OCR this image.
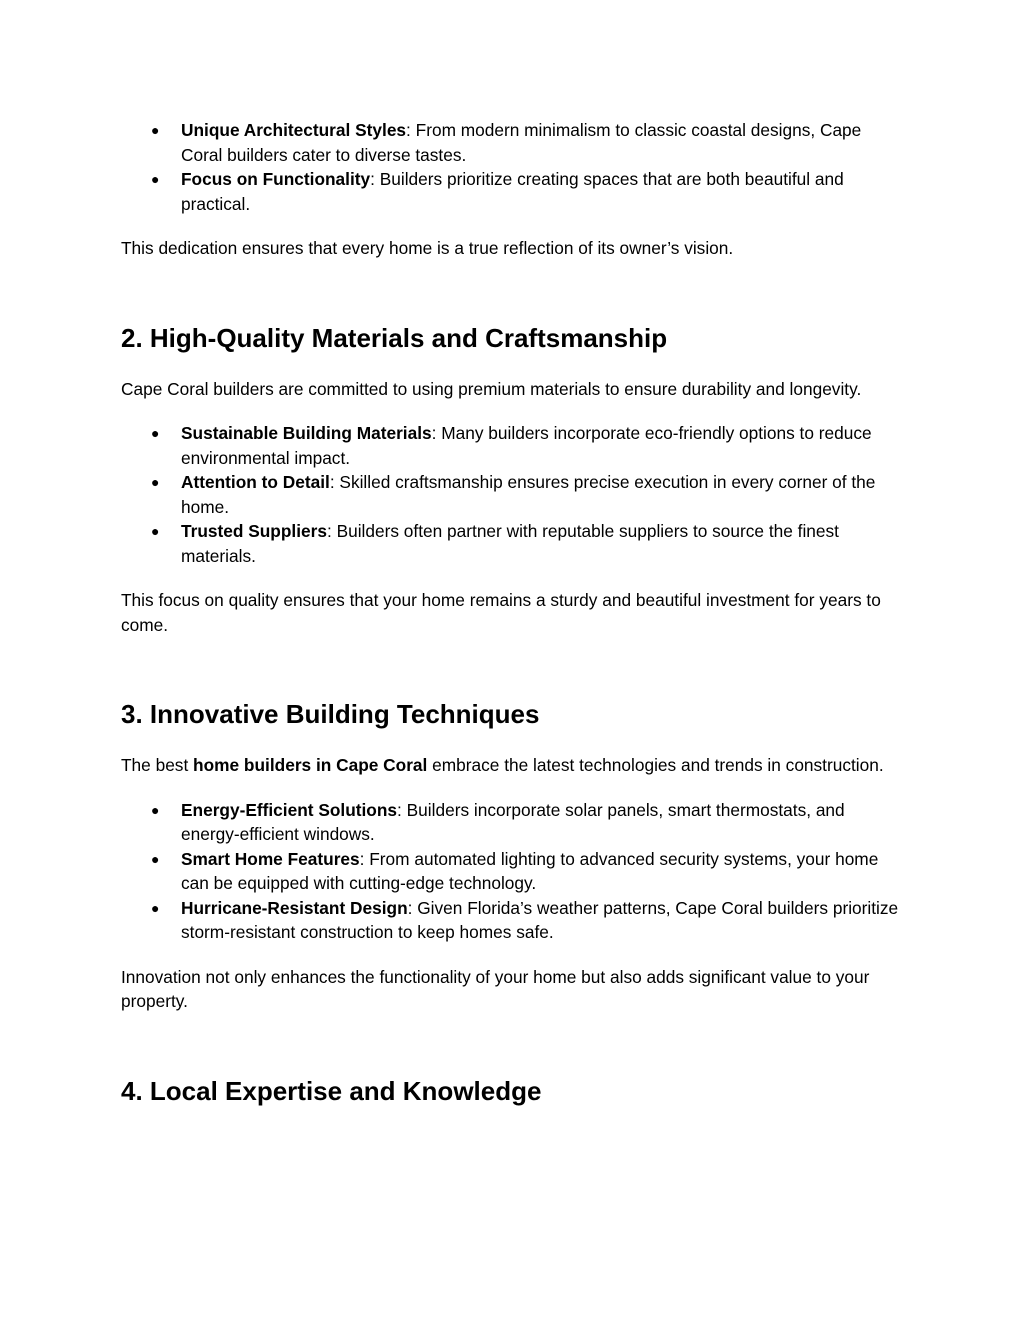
● Unique Architectural Styles: From modern minimalism to classic coastal designs, Cape Coral builders cater to diverse tastes.
● Focus on Functionality: Builders prioritize creating spaces that are both beautiful and practical.

This dedication ensures that every home is a true reflection of its owner’s vision.

2. High-Quality Materials and Craftsmanship

Cape Coral builders are committed to using premium materials to ensure durability and longevity.

● Sustainable Building Materials: Many builders incorporate eco-friendly options to reduce environmental impact.
● Attention to Detail: Skilled craftsmanship ensures precise execution in every corner of the home.
● Trusted Suppliers: Builders often partner with reputable suppliers to source the finest materials.

This focus on quality ensures that your home remains a sturdy and beautiful investment for years to come.

3. Innovative Building Techniques

The best home builders in Cape Coral embrace the latest technologies and trends in construction.

● Energy-Efficient Solutions: Builders incorporate solar panels, smart thermostats, and energy-efficient windows.
● Smart Home Features: From automated lighting to advanced security systems, your home can be equipped with cutting-edge technology.
● Hurricane-Resistant Design: Given Florida’s weather patterns, Cape Coral builders prioritize storm-resistant construction to keep homes safe.

Innovation not only enhances the functionality of your home but also adds significant value to your property.

4. Local Expertise and Knowledge
